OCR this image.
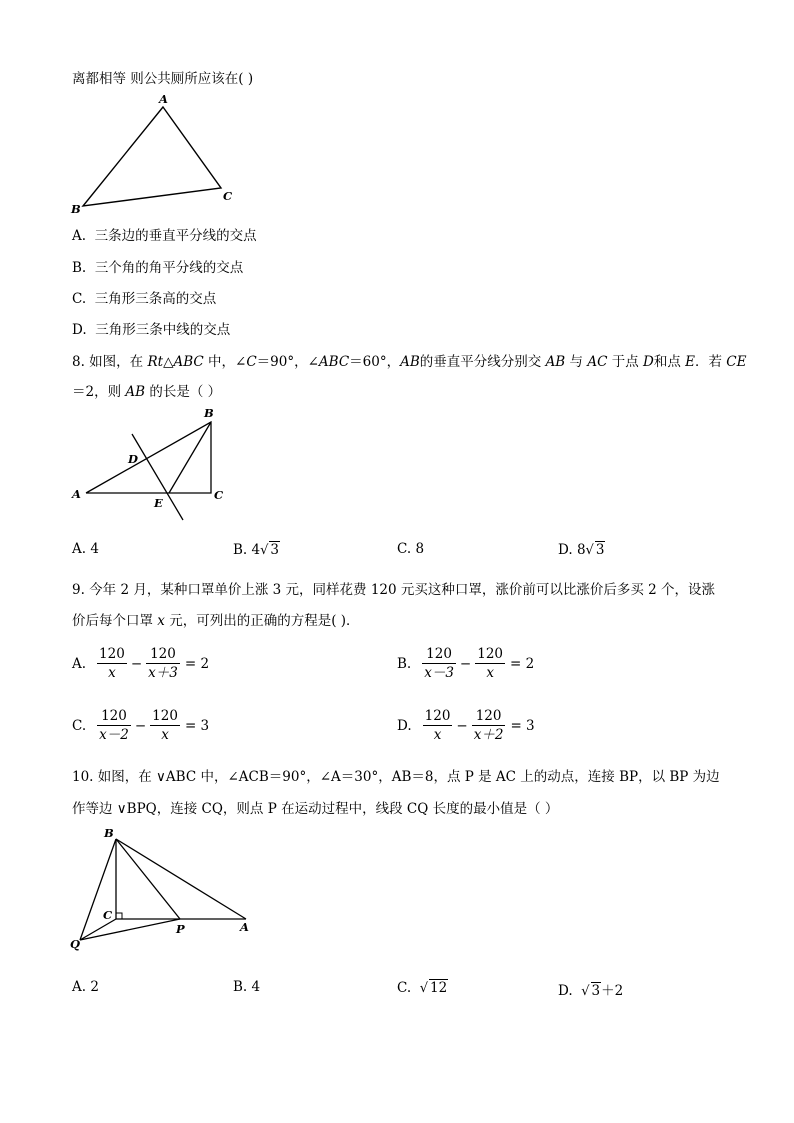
离都相等 则公共厕所应该在( )
A
B
C
A. 三条边的垂直平分线的交点
B. 三个角的角平分线的交点
C. 三角形三条高的交点
D. 三角形三条中线的交点
8. 如图，在 Rt△ABC 中，∠C＝90°，∠ABC＝60°，AB的垂直平分线分别交 AB 与 AC 于点 D和点 E．若 CE
＝2，则 AB 的长是（ ）
B
D
A
E
C
A. 4	B. 4√ 3	C. 8	D. 8√ 3
9. 今年 2 月，某种口罩单价上涨 3 元，同样花费 120 元买这种口罩，涨价前可以比涨价后多买 2 个，设涨
价后每个口罩 x 元，可列出的正确的方程是( )．
A. $\frac{120}{x} - \frac{120}{x+3} = 2$	B. $\frac{120}{x-3} - \frac{120}{x} = 2$
C. $\frac{120}{x-2} - \frac{120}{x} = 3$	D. $\frac{120}{x} - \frac{120}{x+2} = 3$
10. 如图，在 ∨ABC 中，∠ACB＝90°，∠A＝30°，AB＝8，点 P 是 AC 上的动点，连接 BP，以 BP 为边
作等边 ∨BPQ，连接 CQ，则点 P 在运动过程中，线段 CQ 长度的最小值是（ ）
B
C
P	A
Q
A. 2	B. 4	C. √ 12	D. √ 3＋2
